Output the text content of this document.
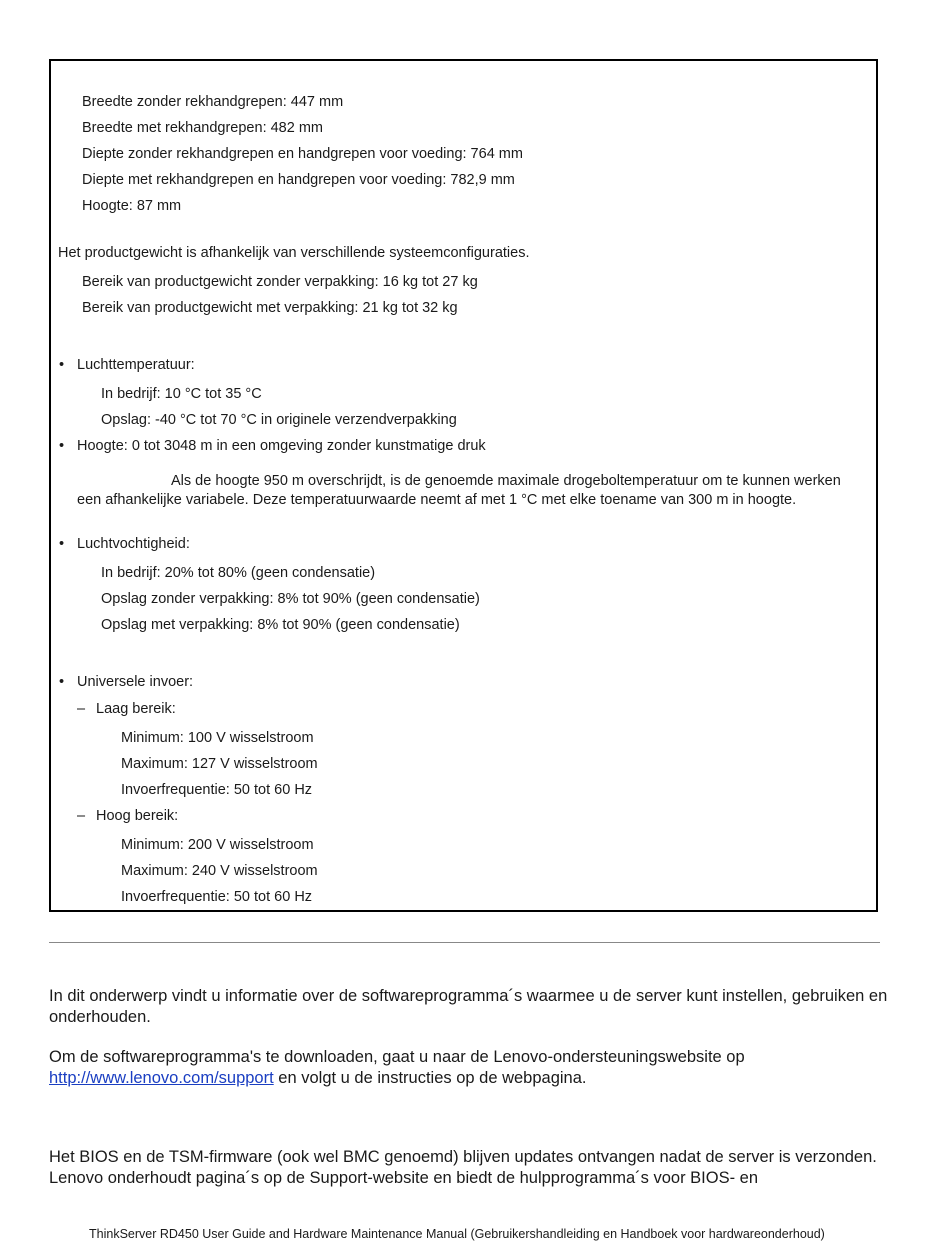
Breedte zonder rekhandgrepen: 447 mm
Breedte met rekhandgrepen: 482 mm
Diepte zonder rekhandgrepen en handgrepen voor voeding: 764 mm
Diepte met rekhandgrepen en handgrepen voor voeding: 782,9 mm
Hoogte: 87 mm
Het productgewicht is afhankelijk van verschillende systeemconfiguraties.
Bereik van productgewicht zonder verpakking: 16 kg tot 27 kg
Bereik van productgewicht met verpakking: 21 kg tot 32 kg
• Luchttemperatuur:
In bedrijf: 10 °C tot 35 °C
Opslag: -40 °C tot 70 °C in originele verzendverpakking
• Hoogte: 0 tot 3048 m in een omgeving zonder kunstmatige druk
Als de hoogte 950 m overschrijdt, is de genoemde maximale drogeboltemperatuur om te kunnen werken een afhankelijke variabele. Deze temperatuurwaarde neemt af met 1 °C met elke toename van 300 m in hoogte.
• Luchtvochtigheid:
In bedrijf: 20% tot 80% (geen condensatie)
Opslag zonder verpakking: 8% tot 90% (geen condensatie)
Opslag met verpakking: 8% tot 90% (geen condensatie)
• Universele invoer:
– Laag bereik:
Minimum: 100 V wisselstroom
Maximum: 127 V wisselstroom
Invoerfrequentie: 50 tot 60 Hz
– Hoog bereik:
Minimum: 200 V wisselstroom
Maximum: 240 V wisselstroom
Invoerfrequentie: 50 tot 60 Hz
In dit onderwerp vindt u informatie over de softwareprogramma´s waarmee u de server kunt instellen, gebruiken en onderhouden.
Om de softwareprogramma's te downloaden, gaat u naar de Lenovo-ondersteuningswebsite op http://www.lenovo.com/support en volgt u de instructies op de webpagina.
Het BIOS en de TSM-firmware (ook wel BMC genoemd) blijven updates ontvangen nadat de server is verzonden. Lenovo onderhoudt pagina´s op de Support-website en biedt de hulpprogramma´s voor BIOS- en
ThinkServer RD450 User Guide and Hardware Maintenance Manual (Gebruikershandleiding en Handboek voor hardwareonderhoud)
